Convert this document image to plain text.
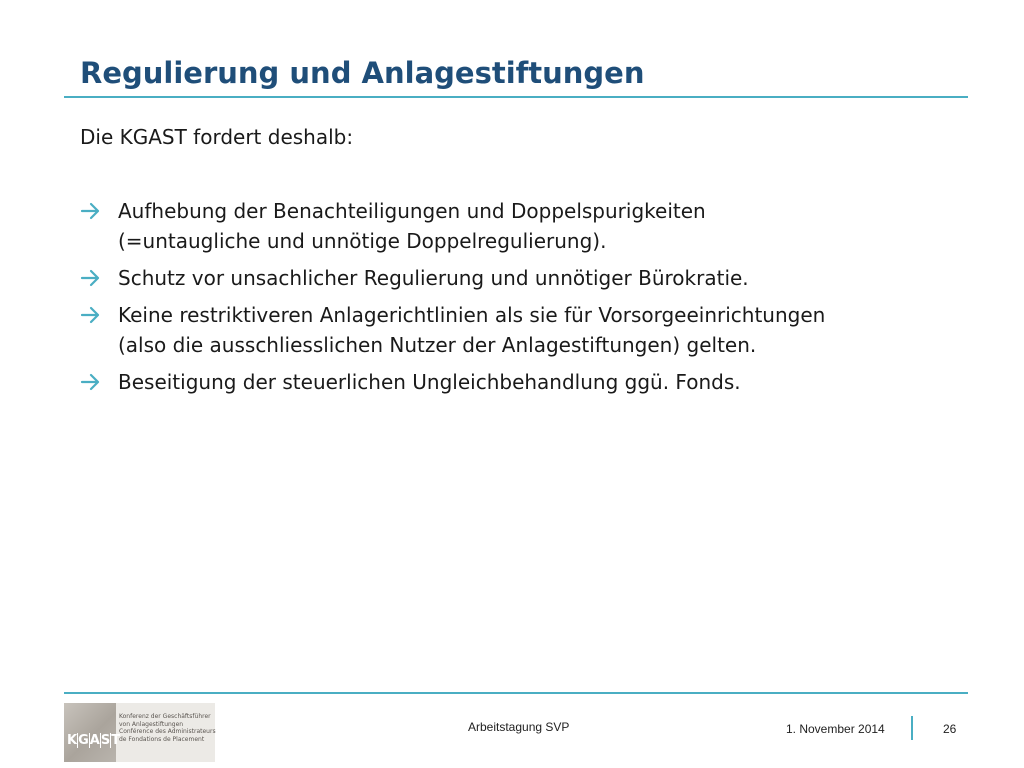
Regulierung und Anlagestiftungen

Die KGAST fordert deshalb:

Aufhebung der Benachteiligungen und Doppelspurigkeiten
(=untaugliche und unnötige Doppelregulierung).
Schutz vor unsachlicher Regulierung und unnötiger Bürokratie.
Keine restriktiveren Anlagerichtlinien als sie für Vorsorgeeinrichtungen
(also die ausschliesslichen Nutzer der Anlagestiftungen) gelten.
Beseitigung der steuerlichen Ungleichbehandlung ggü. Fonds.
K G A S T
Konferenz der Geschäftsführer
von Anlagestiftungen
Conférence des Administrateurs
de Fondations de Placement
Arbeitstagung SVP	1. November 2014	26
